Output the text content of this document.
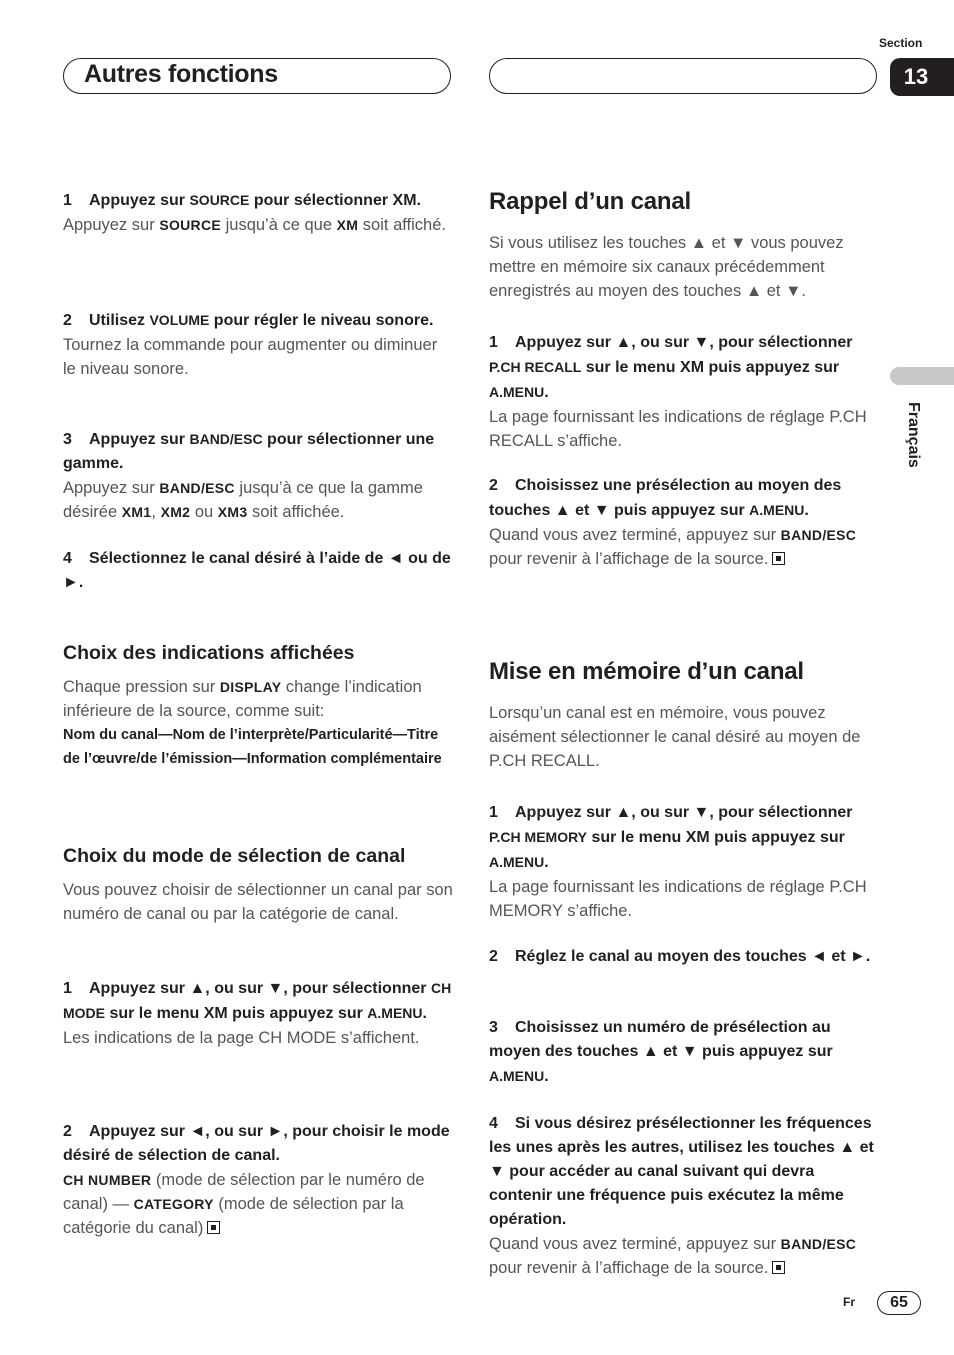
Autres fonctions
Section
13
Français

1 Appuyez sur SOURCE pour sélectionner XM.

Appuyez sur SOURCE jusqu’à ce que XM soit affiché.

2 Utilisez VOLUME pour régler le niveau sonore.

Tournez la commande pour augmenter ou diminuer le niveau sonore.

3 Appuyez sur BAND/ESC pour sélectionner une gamme.

Appuyez sur BAND/ESC jusqu’à ce que la gamme désirée XM1, XM2 ou XM3 soit affichée.

4 Sélectionnez le canal désiré à l’aide de ◄ ou de ►.

Choix des indications affichées

Chaque pression sur DISPLAY change l’indication inférieure de la source, comme suit:

Nom du canal—Nom de l’interprète/Particularité—Titre de l’œuvre/de l’émission—Information complémentaire

Choix du mode de sélection de canal

Vous pouvez choisir de sélectionner un canal par son numéro de canal ou par la catégorie de canal.

1 Appuyez sur ▲, ou sur ▼, pour sélectionner CH MODE sur le menu XM puis appuyez sur A.MENU.

Les indications de la page CH MODE s’affichent.

2 Appuyez sur ◄, ou sur ►, pour choisir le mode désiré de sélection de canal.

CH NUMBER (mode de sélection par le numéro de canal) — CATEGORY (mode de sélection par la catégorie du canal)

Rappel d’un canal

Si vous utilisez les touches ▲ et ▼ vous pouvez mettre en mémoire six canaux précédemment enregistrés au moyen des touches ▲ et ▼.

1 Appuyez sur ▲, ou sur ▼, pour sélectionner P.CH RECALL sur le menu XM puis appuyez sur A.MENU.

La page fournissant les indications de réglage P.CH RECALL s’affiche.

2 Choisissez une présélection au moyen des touches ▲ et ▼ puis appuyez sur A.MENU.

Quand vous avez terminé, appuyez sur BAND/ESC pour revenir à l’affichage de la source.

Mise en mémoire d’un canal

Lorsqu’un canal est en mémoire, vous pouvez aisément sélectionner le canal désiré au moyen de P.CH RECALL.

1 Appuyez sur ▲, ou sur ▼, pour sélectionner P.CH MEMORY sur le menu XM puis appuyez sur A.MENU.

La page fournissant les indications de réglage P.CH MEMORY s’affiche.

2 Réglez le canal au moyen des touches ◄ et ►.

3 Choisissez un numéro de présélection au moyen des touches ▲ et ▼ puis appuyez sur A.MENU.

4 Si vous désirez présélectionner les fréquences les unes après les autres, utilisez les touches ▲ et ▼ pour accéder au canal suivant qui devra contenir une fréquence puis exécutez la même opération.

Quand vous avez terminé, appuyez sur BAND/ESC pour revenir à l’affichage de la source.

Fr	65
